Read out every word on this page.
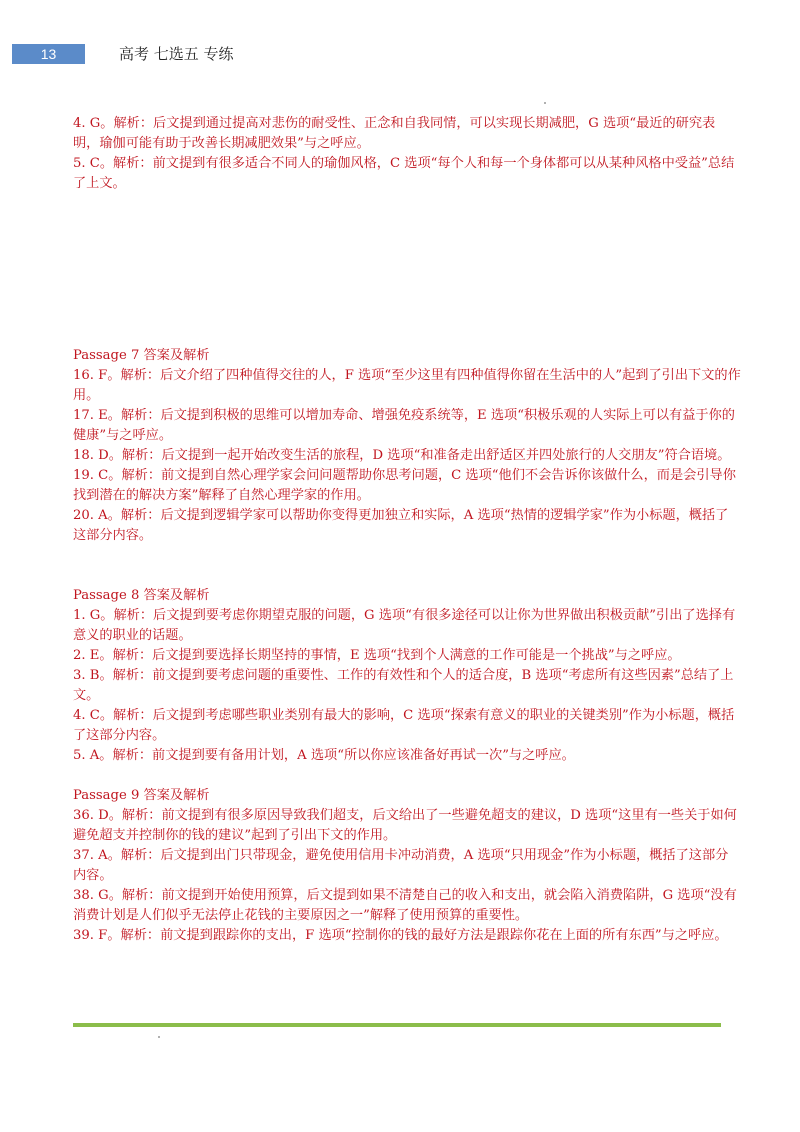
13	高考 七选五 专练

4. G。解析：后文提到通过提高对悲伤的耐受性、正念和自我同情，可以实现长期减肥，G 选项“最近的研究表明，瑜伽可能有助于改善长期减肥效果”与之呼应。

5. C。解析：前文提到有很多适合不同人的瑜伽风格，C 选项“每个人和每一个身体都可以从某种风格中受益”总结了上文。

Passage 7 答案及解析

16. F。解析：后文介绍了四种值得交往的人，F 选项“至少这里有四种值得你留在生活中的人”起到了引出下文的作用。

17. E。解析：后文提到积极的思维可以增加寿命、增强免疫系统等，E 选项“积极乐观的人实际上可以有益于你的健康”与之呼应。

18. D。解析：后文提到一起开始改变生活的旅程，D 选项“和准备走出舒适区并四处旅行的人交朋友”符合语境。

19. C。解析：前文提到自然心理学家会问问题帮助你思考问题，C 选项“他们不会告诉你该做什么，而是会引导你找到潜在的解决方案”解释了自然心理学家的作用。

20. A。解析：后文提到逻辑学家可以帮助你变得更加独立和实际，A 选项“热情的逻辑学家”作为小标题，概括了这部分内容。

Passage 8 答案及解析

1. G。解析：后文提到要考虑你期望克服的问题，G 选项“有很多途径可以让你为世界做出积极贡献”引出了选择有意义的职业的话题。

2. E。解析：后文提到要选择长期坚持的事情，E 选项“找到个人满意的工作可能是一个挑战”与之呼应。

3. B。解析：前文提到要考虑问题的重要性、工作的有效性和个人的适合度，B 选项“考虑所有这些因素”总结了上文。

4. C。解析：后文提到考虑哪些职业类别有最大的影响，C 选项“探索有意义的职业的关键类别”作为小标题，概括了这部分内容。

5. A。解析：前文提到要有备用计划，A 选项“所以你应该准备好再试一次”与之呼应。

Passage 9 答案及解析

36. D。解析：前文提到有很多原因导致我们超支，后文给出了一些避免超支的建议，D 选项“这里有一些关于如何避免超支并控制你的钱的建议”起到了引出下文的作用。

37. A。解析：后文提到出门只带现金，避免使用信用卡冲动消费，A 选项“只用现金”作为小标题，概括了这部分内容。

38. G。解析：前文提到开始使用预算，后文提到如果不清楚自己的收入和支出，就会陷入消费陷阱，G 选项“没有消费计划是人们似乎无法停止花钱的主要原因之一”解释了使用预算的重要性。

39. F。解析：前文提到跟踪你的支出，F 选项“控制你的钱的最好方法是跟踪你花在上面的所有东西”与之呼应。
